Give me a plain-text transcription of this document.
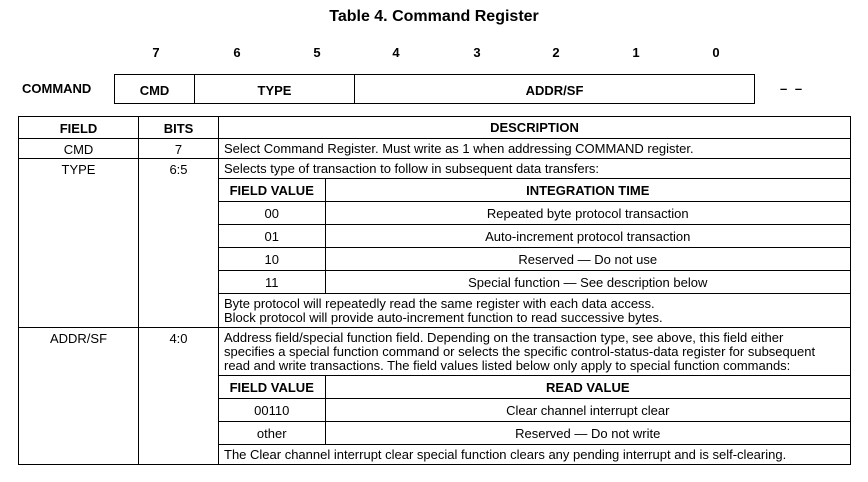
Table 4. Command Register
7	6	5	4	3	2	1	0
COMMAND	CMD	TYPE	ADDR/SF	– –
FIELD	BITS	DESCRIPTION
CMD	7	Select Command Register. Must write as 1 when addressing COMMAND register.

TYPE	6:5	Selects type of transaction to follow in subsequent data transfers:
FIELD VALUE	INTEGRATION TIME
00	Repeated byte protocol transaction
01	Auto-increment protocol transaction
10	Reserved — Do not use
11	Special function — See description below
Byte protocol will repeatedly read the same register with each data access.
Block protocol will provide auto-increment function to read successive bytes.

ADDR/SF	4:0	Address field/special function field. Depending on the transaction type, see above, this field either
specifies a special function command or selects the specific control-status-data register for subsequent
read and write transactions. The field values listed below only apply to special function commands:
FIELD VALUE	READ VALUE
00110	Clear channel interrupt clear
other	Reserved — Do not write
The Clear channel interrupt clear special function clears any pending interrupt and is self-clearing.
